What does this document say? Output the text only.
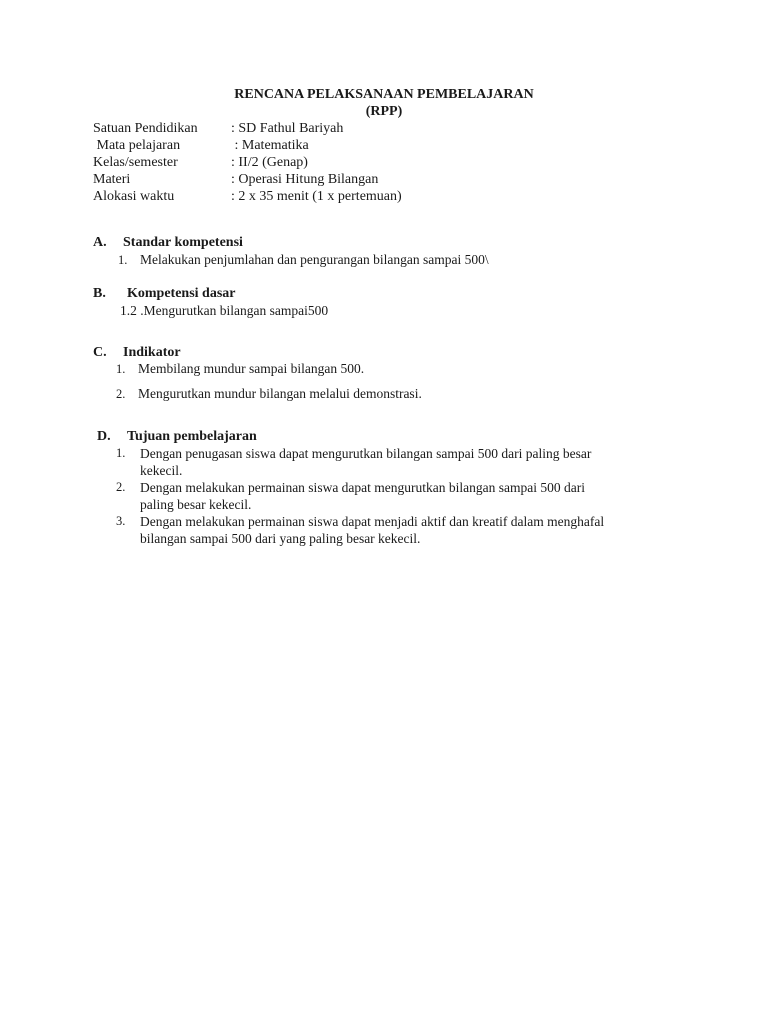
RENCANA PELAKSANAAN PEMBELAJARAN
(RPP)
Satuan Pendidikan	: SD Fathul Bariyah
Mata pelajaran	: Matematika
Kelas/semester	: II/2 (Genap)
Materi	: Operasi Hitung Bilangan
Alokasi waktu	: 2 x 35 menit (1 x pertemuan)
A. Standar kompetensi
1. Melakukan penjumlahan dan pengurangan bilangan sampai 500\
B. Kompetensi dasar
1.2 .Mengurutkan bilangan sampai500
C. Indikator
1. Membilang mundur sampai bilangan 500.
2. Mengurutkan mundur bilangan melalui demonstrasi.
D. Tujuan pembelajaran
1. Dengan penugasan siswa dapat mengurutkan bilangan sampai 500 dari paling besar
kekecil.
2. Dengan melakukan permainan siswa dapat mengurutkan bilangan sampai 500 dari
paling besar kekecil.
3. Dengan melakukan permainan siswa dapat menjadi aktif dan kreatif dalam menghafal
bilangan sampai 500 dari yang paling besar kekecil.
